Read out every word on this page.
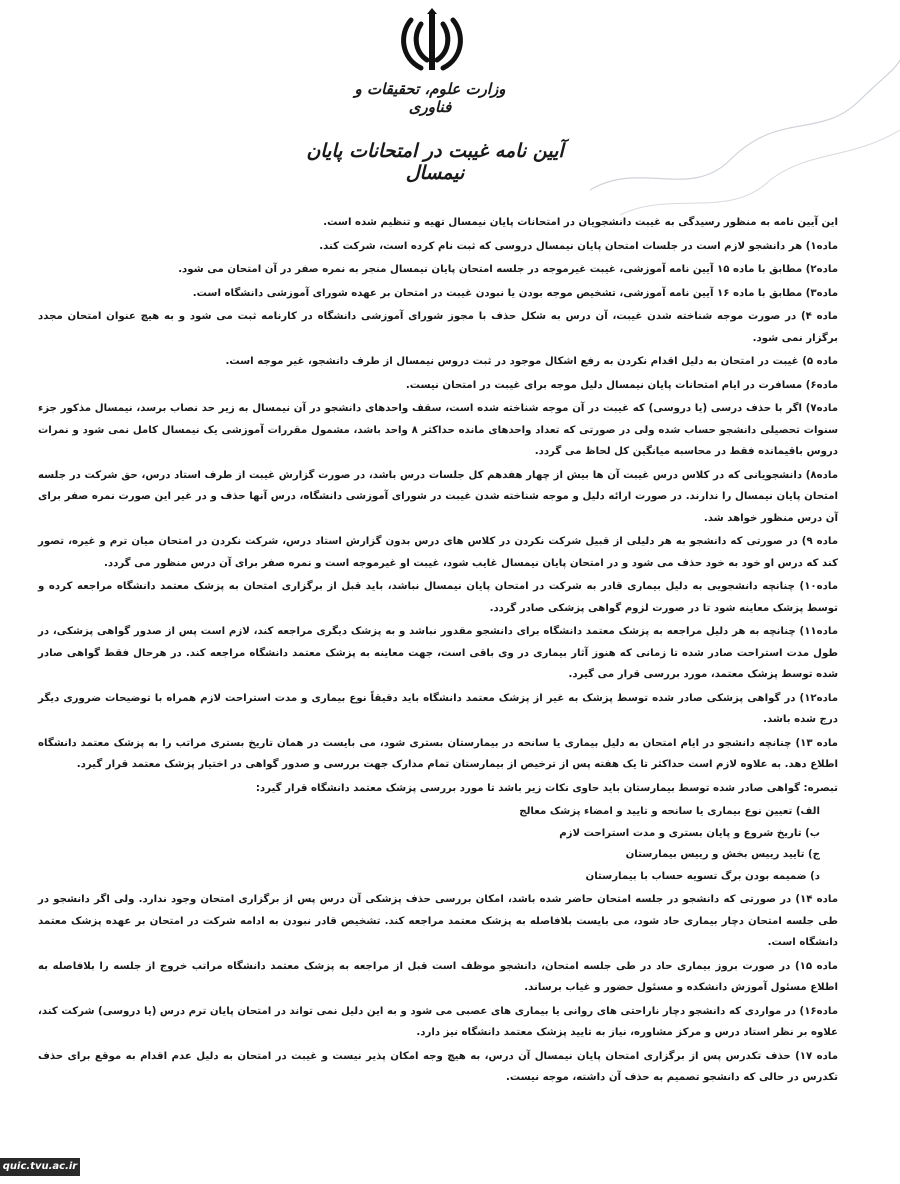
وزارت علوم، تحقیقات و فناوری
آیین نامه غیبت در امتحانات پایان نیمسال

این آیین نامه به منظور رسیدگی به غیبت دانشجویان در امتحانات پایان نیمسال تهیه و تنظیم شده است.

ماده۱) هر دانشجو لازم است در جلسات امتحان پایان نیمسال دروسی که ثبت نام کرده است، شرکت کند.

ماده۲) مطابق با ماده ۱۵ آیین نامه آموزشی، غیبت غیرموجه در جلسه امتحان پایان نیمسال منجر به نمره صفر در آن امتحان می شود.

ماده۳) مطابق با ماده ۱۶ آیین نامه آموزشی، تشخیص موجه بودن یا نبودن غیبت در امتحان بر عهده شورای آموزشی دانشگاه است.

ماده ۴) در صورت موجه شناخته شدن غیبت، آن درس به شکل حذف با مجوز شورای آموزشی دانشگاه در کارنامه ثبت می شود و به هیچ عنوان امتحان مجدد برگزار نمی شود.

ماده ۵) غیبت در امتحان به دلیل اقدام نکردن به رفع اشکال موجود در ثبت دروس نیمسال از طرف دانشجو، غیر موجه است.

ماده۶) مسافرت در ایام امتحانات پایان نیمسال دلیل موجه برای غیبت در امتحان نیست.

ماده۷) اگر با حذف درسی (یا دروسی) که غیبت در آن موجه شناخته شده است، سقف واحدهای دانشجو در آن نیمسال به زیر حد نصاب برسد، نیمسال مذکور جزء سنوات تحصیلی دانشجو حساب شده ولی در صورتی که تعداد واحدهای مانده حداکثر ۸ واحد باشد، مشمول مقررات آموزشی یک نیمسال کامل نمی شود و نمرات دروس باقیمانده فقط در محاسبه میانگین کل لحاظ می گردد.

ماده۸) دانشجویانی که در کلاس درس غیبت آن ها بیش از چهار هفدهم کل جلسات درس باشد، در صورت گزارش غیبت از طرف استاد درس، حق شرکت در جلسه امتحان پایان نیمسال را ندارند. در صورت ارائه دلیل و موجه شناخته شدن غیبت در شورای آموزشی دانشگاه، درس آنها حذف و در غیر این صورت نمره صفر برای آن درس منظور خواهد شد.

ماده ۹) در صورتی که دانشجو به هر دلیلی از قبیل شرکت نکردن در کلاس های درس بدون گزارش استاد درس، شرکت نکردن در امتحان میان ترم و غیره، تصور کند که درس او خود به خود حذف می شود و در امتحان پایان نیمسال غایب شود، غیبت او غیرموجه است و نمره صفر برای آن درس منظور می گردد.

ماده۱۰) چنانچه دانشجویی به دلیل بیماری قادر به شرکت در امتحان پایان نیمسال نباشد، باید قبل از برگزاری امتحان به پزشک معتمد دانشگاه مراجعه کرده و توسط پزشک معاینه شود تا در صورت لزوم گواهی پزشکی صادر گردد.

ماده۱۱) چنانچه به هر دلیل مراجعه به پزشک معتمد دانشگاه برای دانشجو مقدور نباشد و به پزشک دیگری مراجعه کند، لازم است پس از صدور گواهی پزشکی، در طول مدت استراحت صادر شده تا زمانی که هنوز آثار بیماری در وی باقی است، جهت معاینه به پزشک معتمد دانشگاه مراجعه کند. در هرحال فقط گواهی صادر شده توسط پزشک معتمد، مورد بررسی قرار می گیرد.

ماده۱۲) در گواهی پزشکی صادر شده توسط پزشک به غیر از پزشک معتمد دانشگاه باید دقیقاً نوع بیماری و مدت استراحت لازم همراه با توضیحات ضروری دیگر درج شده باشد.

ماده ۱۳) چنانچه دانشجو در ایام امتحان به دلیل بیماری یا سانحه در بیمارستان بستری شود، می بایست در همان تاریخ بستری مراتب را به پزشک معتمد دانشگاه اطلاع دهد. به علاوه لازم است حداکثر تا یک هفته پس از ترخیص از بیمارستان تمام مدارک جهت بررسی و صدور گواهی در اختیار پزشک معتمد قرار گیرد.

تبصره: گواهی صادر شده توسط بیمارستان باید حاوی نکات زیر باشد تا مورد بررسی پزشک معتمد دانشگاه قرار گیرد:

الف) تعیین نوع بیماری یا سانحه و تایید و امضاء پزشک معالج
ب) تاریخ شروع و پایان بستری و مدت استراحت لازم
ج) تایید رییس بخش و رییس بیمارستان
د) ضمیمه بودن برگ تسویه حساب با بیمارستان

ماده ۱۴) در صورتی که دانشجو در جلسه امتحان حاضر شده باشد، امکان بررسی حذف پزشکی آن درس پس از برگزاری امتحان وجود ندارد. ولی اگر دانشجو در طی جلسه امتحان دچار بیماری حاد شود، می بایست بلافاصله به پزشک معتمد مراجعه کند. تشخیص قادر نبودن به ادامه شرکت در امتحان بر عهده پزشک معتمد دانشگاه است.

ماده ۱۵) در صورت بروز بیماری حاد در طی جلسه امتحان، دانشجو موظف است قبل از مراجعه به پزشک معتمد دانشگاه مراتب خروج از جلسه را بلافاصله به اطلاع مسئول آموزش دانشکده و مسئول حضور و غیاب برساند.

ماده۱۶) در مواردی که دانشجو دچار ناراحتی های روانی یا بیماری های عصبی می شود و به این دلیل نمی تواند در امتحان پایان ترم درس (یا دروسی) شرکت کند، علاوه بر نظر استاد درس و مرکز مشاوره، نیاز به تایید پزشک معتمد دانشگاه نیز دارد.

ماده ۱۷) حذف تکدرس پس از برگزاری امتحان پایان نیمسال آن درس، به هیچ وجه امکان پذیر نیست و غیبت در امتحان به دلیل عدم اقدام به موقع برای حذف تکدرس در حالی که دانشجو تصمیم به حذف آن داشته، موجه نیست.

quic.tvu.ac.ir
